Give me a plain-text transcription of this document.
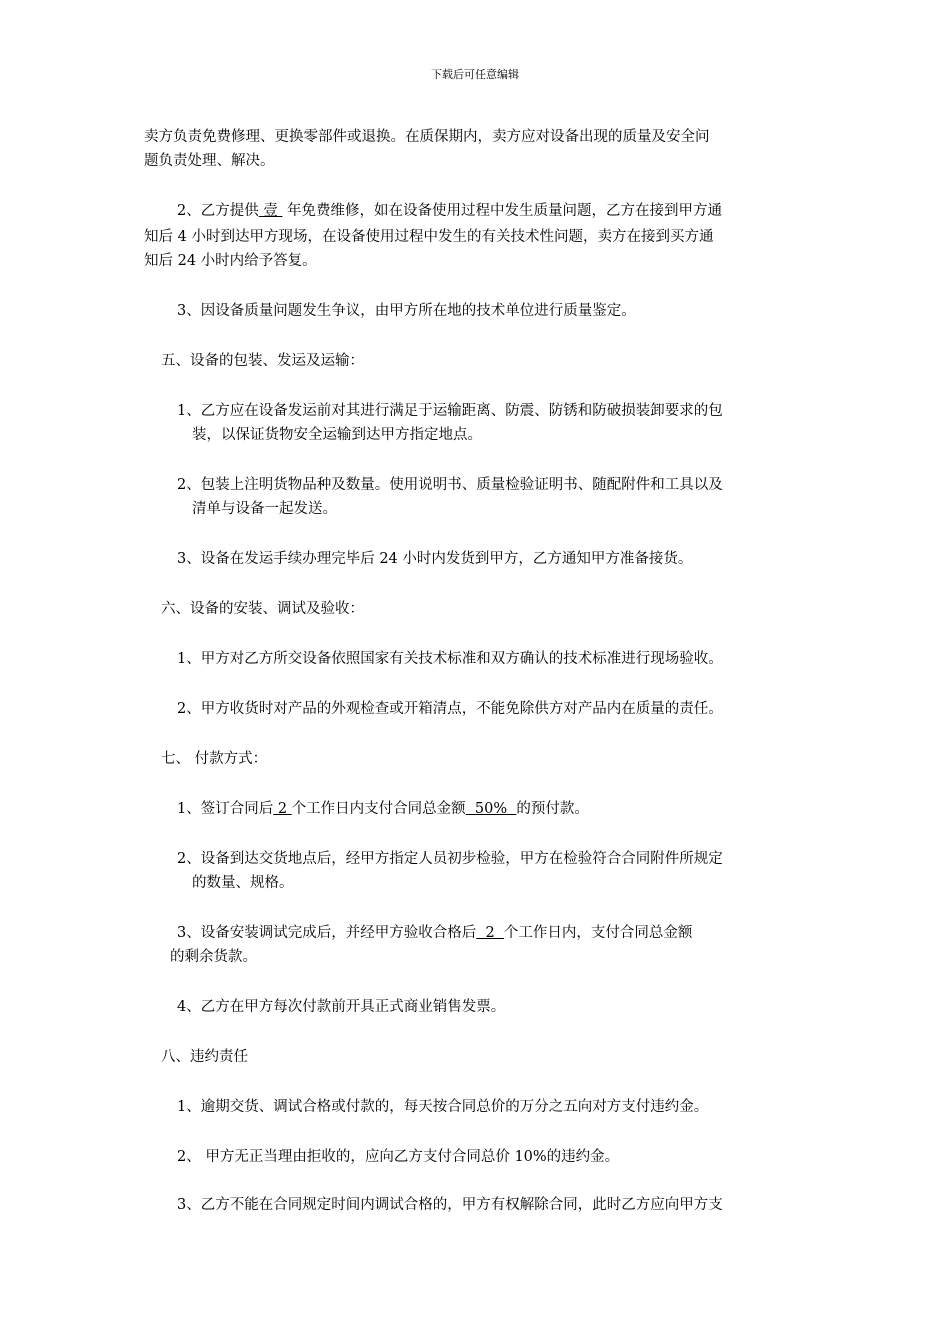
下载后可任意编辑
卖方负责免费修理、更换零部件或退换。在质保期内，卖方应对设备出现的质量及安全问
题负责处理、解决。
2、乙方提供 壹  年免费维修，如在设备使用过程中发生质量问题，乙方在接到甲方通
知后 4 小时到达甲方现场，在设备使用过程中发生的有关技术性问题，卖方在接到买方通
知后 24 小时内给予答复。
3、因设备质量问题发生争议，由甲方所在地的技术单位进行质量鉴定。
五、设备的包装、发运及运输：
1、乙方应在设备发运前对其进行满足于运输距离、防震、防锈和防破损装卸要求的包
装，以保证货物安全运输到达甲方指定地点。
2、包装上注明货物品种及数量。使用说明书、质量检验证明书、随配附件和工具以及
清单与设备一起发送。
3、设备在发运手续办理完毕后 24 小时内发货到甲方，乙方通知甲方准备接货。
六、设备的安装、调试及验收：
1、甲方对乙方所交设备依照国家有关技术标准和双方确认的技术标准进行现场验收。
2、甲方收货时对产品的外观检查或开箱清点，不能免除供方对产品内在质量的责任。
七、 付款方式：
1、签订合同后 2 个工作日内支付合同总金额  50%  的预付款。
2、设备到达交货地点后，经甲方指定人员初步检验，甲方在检验符合合同附件所规定
的数量、规格。
3、设备安装调试完成后，并经甲方验收合格后  2  个工作日内，支付合同总金额
的剩余货款。
4、乙方在甲方每次付款前开具正式商业销售发票。
八、违约责任
1、逾期交货、调试合格或付款的，每天按合同总价的万分之五向对方支付违约金。
2、 甲方无正当理由拒收的，应向乙方支付合同总价 10%的违约金。
3、乙方不能在合同规定时间内调试合格的，甲方有权解除合同，此时乙方应向甲方支
